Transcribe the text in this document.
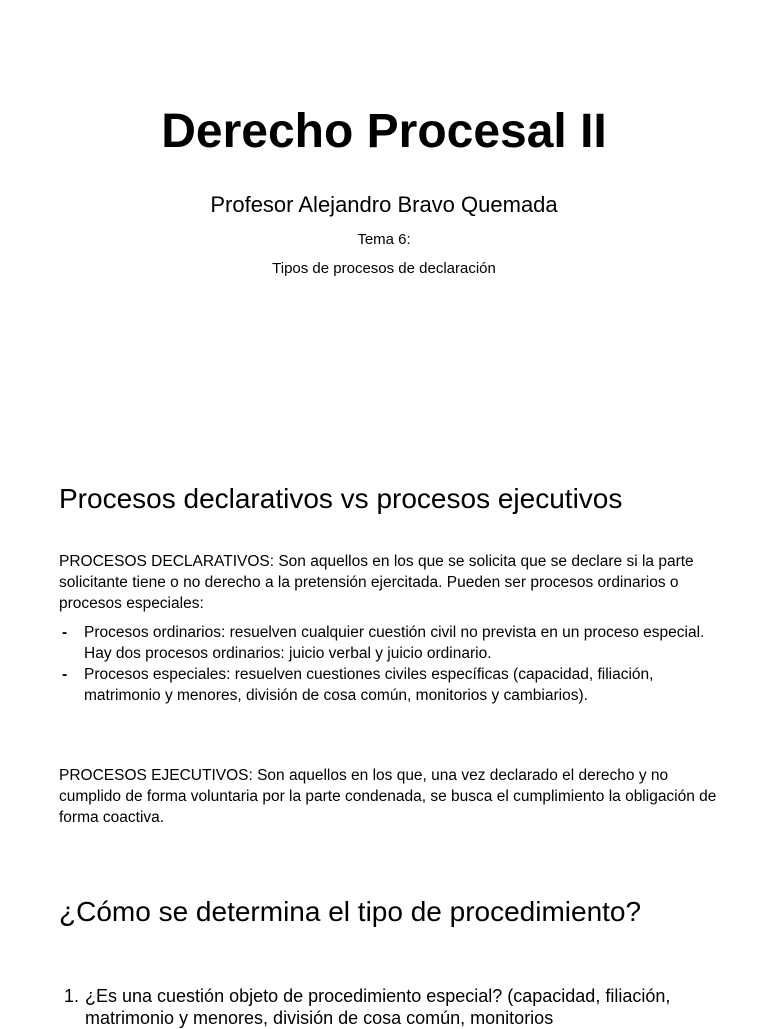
Derecho Procesal II
Profesor Alejandro Bravo Quemada
Tema 6:
Tipos de procesos de declaración
Procesos declarativos vs procesos ejecutivos

PROCESOS DECLARATIVOS: Son aquellos en los que se solicita que se declare si la parte solicitante tiene o no derecho a la pretensión ejercitada. Pueden ser procesos ordinarios o procesos especiales:

- Procesos ordinarios: resuelven cualquier cuestión civil no prevista en un proceso especial. Hay dos procesos ordinarios: juicio verbal y juicio ordinario.
- Procesos especiales: resuelven cuestiones civiles específicas (capacidad, filiación, matrimonio y menores, división de cosa común, monitorios y cambiarios).

PROCESOS EJECUTIVOS: Son aquellos en los que, una vez declarado el derecho y no cumplido de forma voluntaria por la parte condenada, se busca el cumplimiento la obligación de forma coactiva.

¿Cómo se determina el tipo de procedimiento?
1. ¿Es una cuestión objeto de procedimiento especial? (capacidad, filiación, matrimonio y menores, división de cosa común, monitorios
